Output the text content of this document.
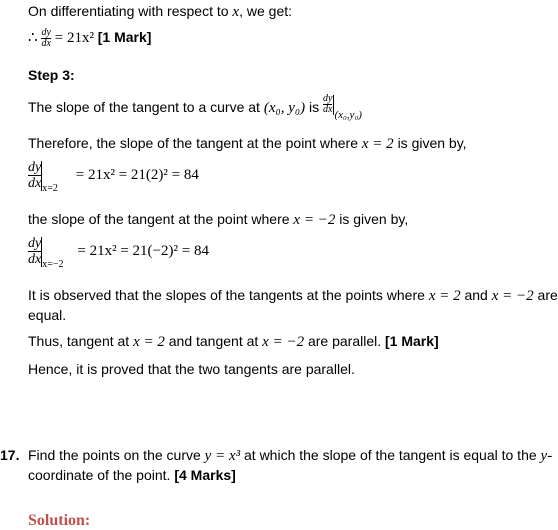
On differentiating with respect to x, we get:
∴ $\frac{dy}{dx} = 21x^2$ [1 Mark]
Step 3:
The slope of the tangent to a curve at (x₀, y₀) is $\frac{dy}{dx}$
$_{(x_0,y_0)}$
Therefore, the slope of the tangent at the point where x = 2 is given by,
$\frac{dy}{dx} _{x=2} = 21x^2 = 21(2)^2 = 84$
the slope of the tangent at the point where x = −2 is given by,
$\frac{dy}{dx} _{x=-2} = 21x^2 = 21(-2)^2 = 84$
It is observed that the slopes of the tangents at the points where x = 2 and x = −2 are
equal.
Thus, tangent at x = 2 and tangent at x = −2 are parallel. [1 Mark]
Hence, it is proved that the two tangents are parallel.
17. Find the points on the curve y = x³ at which the slope of the tangent is equal to the y-
coordinate of the point. [4 Marks]
Solution:
